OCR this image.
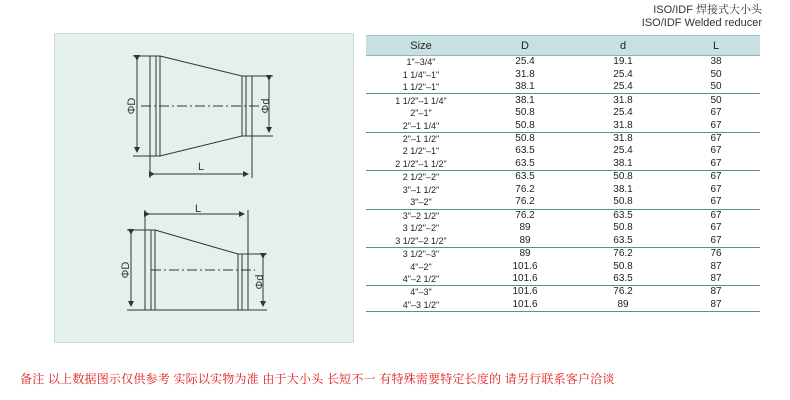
ISO/IDF 焊接式大小头
ISO/IDF Welded reducer
ΦD	Φd
L
L
ΦD
Φd
Size	D	d	L
1"–3/4"	25.4	19.1	38
1 1/4"–1"	31.8	25.4	50
1 1/2"–1"	38.1	25.4	50
1 1/2"–1 1/4"	38.1	31.8	50
2"–1"	50.8	25.4	67
2"–1 1/4"	50.8	31.8	67
2"–1 1/2"	50.8	31.8	67
2 1/2"–1"	63.5	25.4	67
2 1/2"–1 1/2"	63.5	38.1	67
2 1/2"–2"	63.5	50.8	67
3"–1 1/2"	76.2	38.1	67
3"–2"	76.2	50.8	67
3"–2 1/2"	76.2	63.5	67
3 1/2"–2"	89	50.8	67
3 1/2"–2 1/2"	89	63.5	67
3 1/2"–3"	89	76.2	76
4"–2"	101.6	50.8	87
4"–2 1/2"	101.6	63.5	87
4"–3"	101.6	76.2	87
4"–3 1/2"	101.6	89	87
备注 以上数据图示仅供参考 实际以实物为准 由于大小头 长短不一 有特殊需要特定长度的 请另行联系客户洽谈
